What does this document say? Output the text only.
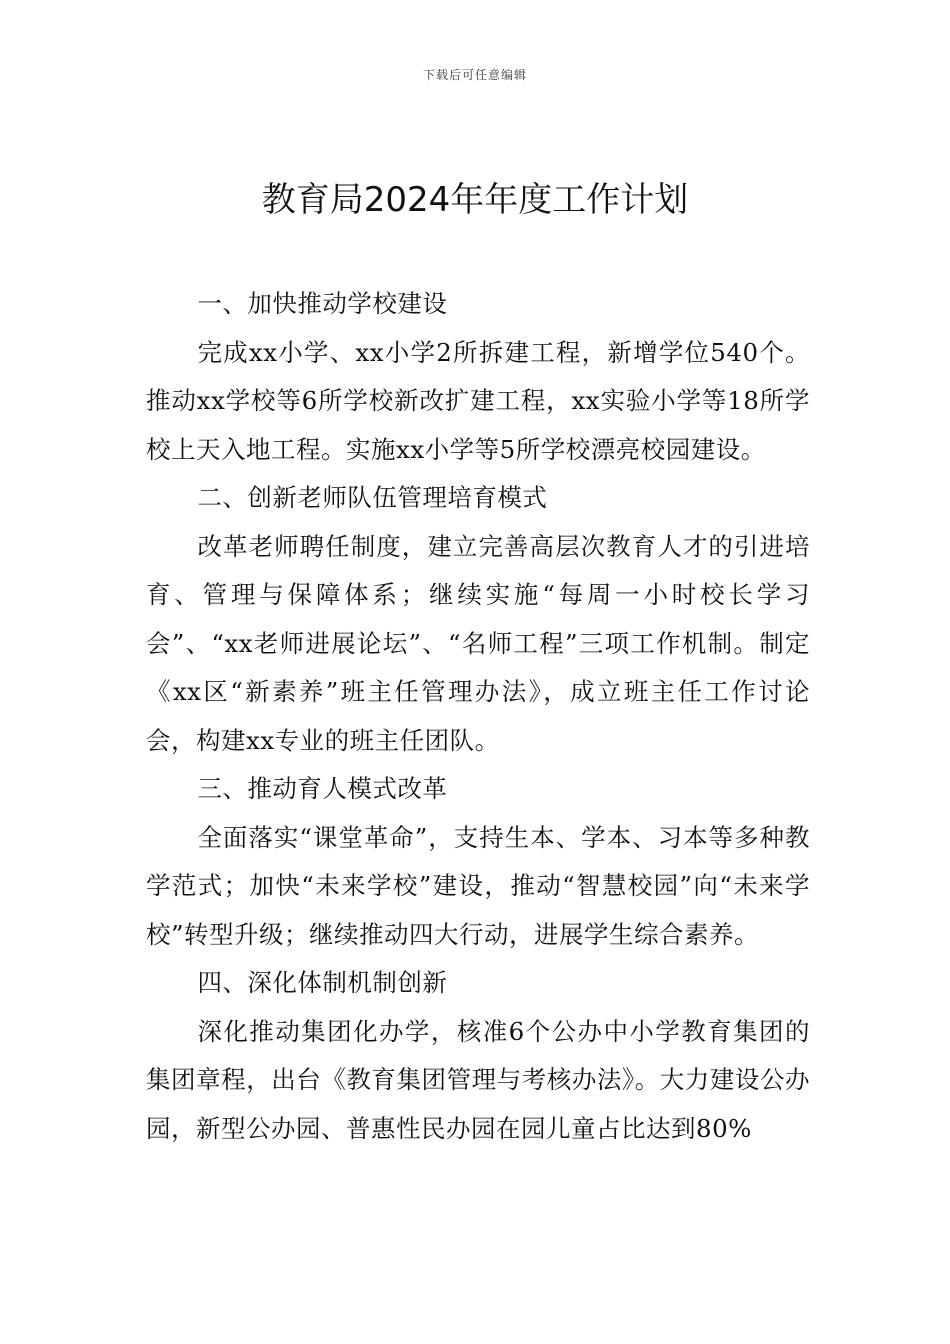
下载后可任意编辑
教育局2024年年度工作计划

一、加快推动学校建设

完成xx小学、xx小学2所拆建工程，新增学位540个。推动xx学校等6所学校新改扩建工程，xx实验小学等18所学校上天入地工程。实施xx小学等5所学校漂亮校园建设。

二、创新老师队伍管理培育模式

改革老师聘任制度，建立完善高层次教育人才的引进培育、管理与保障体系；继续实施“每周一小时校长学习会”、“xx老师进展论坛”、“名师工程”三项工作机制。制定《xx区“新素养”班主任管理办法》，成立班主任工作讨论会，构建xx专业的班主任团队。

三、推动育人模式改革

全面落实“课堂革命”，支持生本、学本、习本等多种教学范式；加快“未来学校”建设，推动“智慧校园”向“未来学校”转型升级；继续推动四大行动，进展学生综合素养。

四、深化体制机制创新

深化推动集团化办学，核准6个公办中小学教育集团的集团章程，出台《教育集团管理与考核办法》。大力建设公办园，新型公办园、普惠性民办园在园儿童占比达到80%
